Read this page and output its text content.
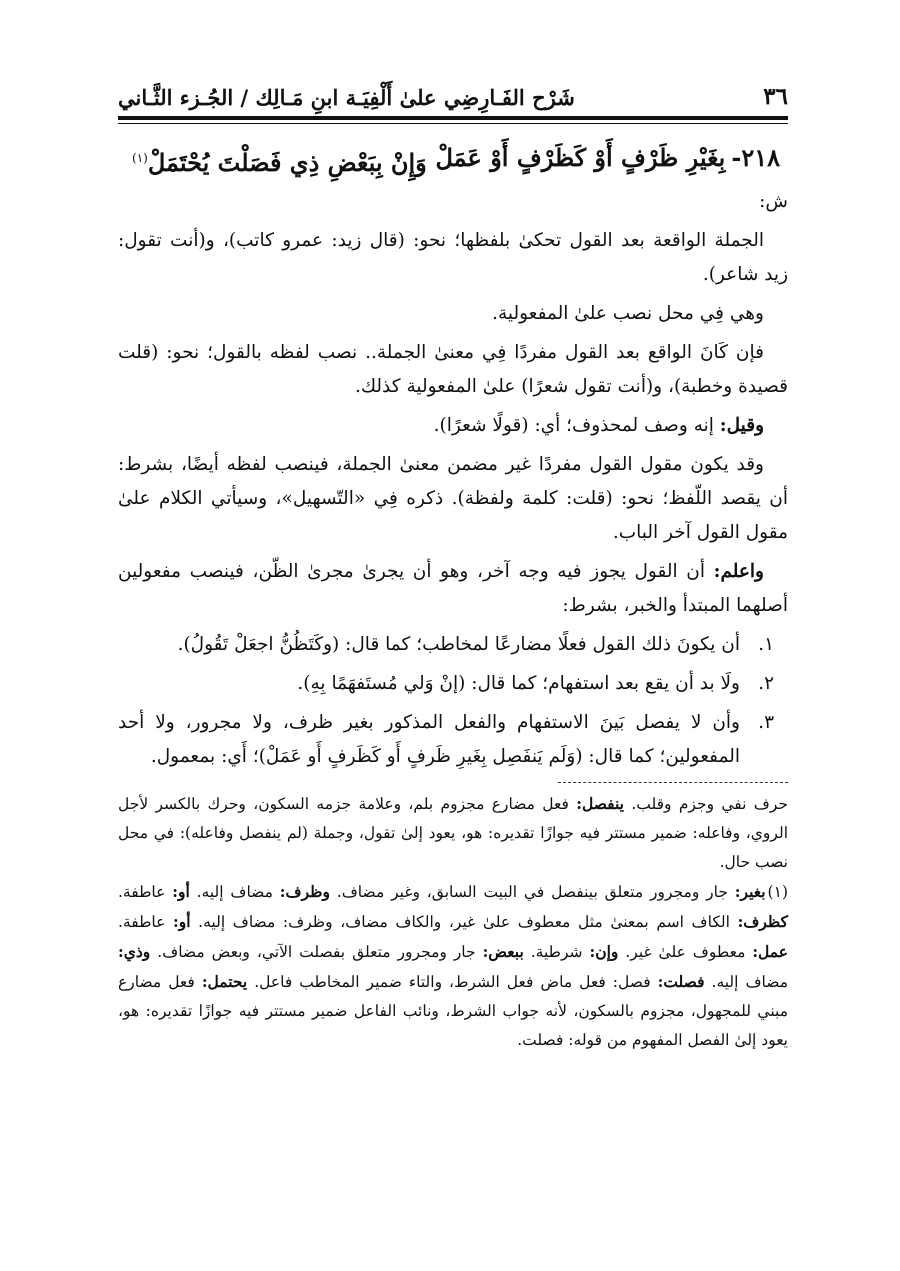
٣٦
شَرْح الفَـارِضِي علىٰ أَلْفِيَـة ابنِ مَـالِك / الجُـزء الثَّـاني
٢١٨-بِغَيْرِ ظَرْفٍ أَوْ كَظَرْفٍ أَوْ عَمَلْ
وَإِنْ بِبَعْضِ ذِي فَصَلْتَ يُحْتَمَلْ$^{(١)}$

ش:

الجملة الواقعة بعد القول تحكىٰ بلفظها؛ نحو: (قال زيد: عمرو كاتب)، و(أنت تقول: زيد شاعر).

وهي فِي محل نصب علىٰ المفعولية.

فإن كَانَ الواقع بعد القول مفردًا فِي معنىٰ الجملة.. نصب لفظه بالقول؛ نحو: (قلت قصيدة وخطبة)، و(أنت تقول شعرًا) علىٰ المفعولية كذلك.

وقيل: إنه وصف لمحذوف؛ أي: (قولًا شعرًا).

وقد يكون مقول القول مفردًا غير مضمن معنىٰ الجملة، فينصب لفظه أيضًا، بشرط: أن يقصد اللّفظ؛ نحو: (قلت: كلمة ولفظة). ذكره فِي «التّسهيل»، وسيأتي الكلام علىٰ مقول القول آخر الباب.

واعلم: أن القول يجوز فيه وجه آخر، وهو أن يجرىٰ مجرىٰ الظّن، فينصب مفعولين أصلهما المبتدأ والخبر، بشرط:

١.
أن يكونَ ذلك القول فعلًا مضارعًا لمخاطب؛ كما قال: (وكَتَظُنُّ اجعَلْ تَقُولُ).
٢.
ولَا بد أن يقع بعد استفهام؛ كما قال: (إنْ وَلي مُستَفهَمًا بِهِ).
٣.
وأن لا يفصل بَينَ الاستفهام والفعل المذكور بغير ظرف، ولا مجرور، ولا أحد المفعولين؛ كما قال: (وَلَم يَنفَصِل بِغَيرِ ظَرفٍ أَو كَظَرفٍ أَو عَمَلْ)؛ أَي: بمعمول.

حرف نفي وجزم وقلب. ينفصل: فعل مضارع مجزوم بلم، وعلامة جزمه السكون، وحرك بالكسر لأجل الروي، وفاعله: ضمير مستتر فيه جوازًا تقديره: هو، يعود إلىٰ تقول، وجملة (لم ينفصل وفاعله): في محل نصب حال.

(١)بغير: جار ومجرور متعلق بينفصل في البيت السابق، وغير مضاف. وظرف: مضاف إليه. أو: عاطفة. كظرف: الكاف اسم بمعنىٰ مثل معطوف علىٰ غير، والكاف مضاف، وظرف: مضاف إليه. أو: عاطفة. عمل: معطوف علىٰ غير. وإن: شرطية. ببعض: جار ومجرور متعلق بفصلت الآتي، وبعض مضاف. وذي: مضاف إليه. فصلت: فصل: فعل ماض فعل الشرط، والتاء ضمير المخاطب فاعل. يحتمل: فعل مضارع مبني للمجهول، مجزوم بالسكون، لأنه جواب الشرط، ونائب الفاعل ضمير مستتر فيه جوازًا تقديره: هو، يعود إلىٰ الفصل المفهوم من قوله: فصلت.
